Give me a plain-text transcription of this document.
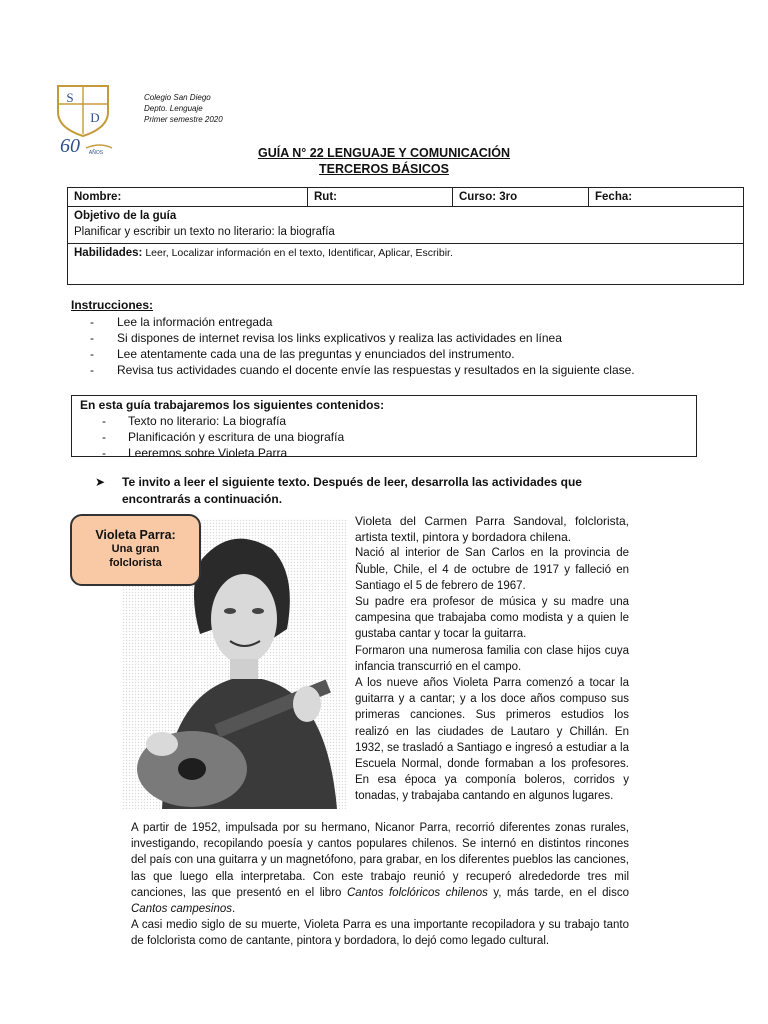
S
D
60 AÑOS
Colegio San Diego
Depto. Lenguaje
Primer semestre 2020
GUÍA N° 22 LENGUAJE Y COMUNICACIÓN
TERCEROS BÁSICOS
Nombre:	Rut:	Curso: 3ro	Fecha:
Objetivo de la guía
Planificar y escribir un texto no literario: la biografía
Habilidades: Leer, Localizar información en el texto, Identificar, Aplicar, Escribir.
Instrucciones:
-	Lee la información entregada
-	Si dispones de internet revisa los links explicativos y realiza las actividades en línea
-	Lee atentamente cada una de las preguntas y enunciados del instrumento.
-	Revisa tus actividades cuando el docente envíe las respuestas y resultados en la siguiente clase.
En esta guía trabajaremos los siguientes contenidos:
-	Texto no literario: La biografía
-	Planificación y escritura de una biografía
-	Leeremos sobre Violeta Parra
➤	Te invito a leer el siguiente texto. Después de leer, desarrolla las actividades que encontrarás a continuación.
Violeta Parra:
Una gran
folclorista

Violeta del Carmen Parra Sandoval, folclorista, artista textil, pintora y bordadora chilena.

Nació al interior de San Carlos en la provincia de Ñuble, Chile, el 4 de octubre de 1917 y falleció en Santiago el 5 de febrero de 1967.

Su padre era profesor de música y su madre una campesina que trabajaba como modista y a quien le gustaba cantar y tocar la guitarra.

Formaron una numerosa familia con clase hijos cuya infancia transcurrió en el campo.

A los nueve años Violeta Parra comenzó a tocar la guitarra y a cantar; y a los doce años compuso sus primeras canciones. Sus primeros estudios los realizó en las ciudades de Lautaro y Chillán. En 1932, se trasladó a Santiago e ingresó a estudiar a la Escuela Normal, donde formaban a los profesores. En esa época ya componía boleros, corridos y tonadas, y trabajaba cantando en algunos lugares.

A partir de 1952, impulsada por su hermano, Nicanor Parra, recorrió diferentes zonas rurales, investigando, recopilando poesía y cantos populares chilenos. Se internó en distintos rincones del país con una guitarra y un magnetófono, para grabar, en los diferentes pueblos las canciones, las que luego ella interpretaba. Con este trabajo reunió y recuperó alrededorde tres mil canciones, las que presentó en el libro Cantos folclóricos chilenos y, más tarde, en el disco Cantos campesinos.

A casi medio siglo de su muerte, Violeta Parra es una importante recopiladora y su trabajo tanto de folclorista como de cantante, pintora y bordadora, lo dejó como legado cultural.
